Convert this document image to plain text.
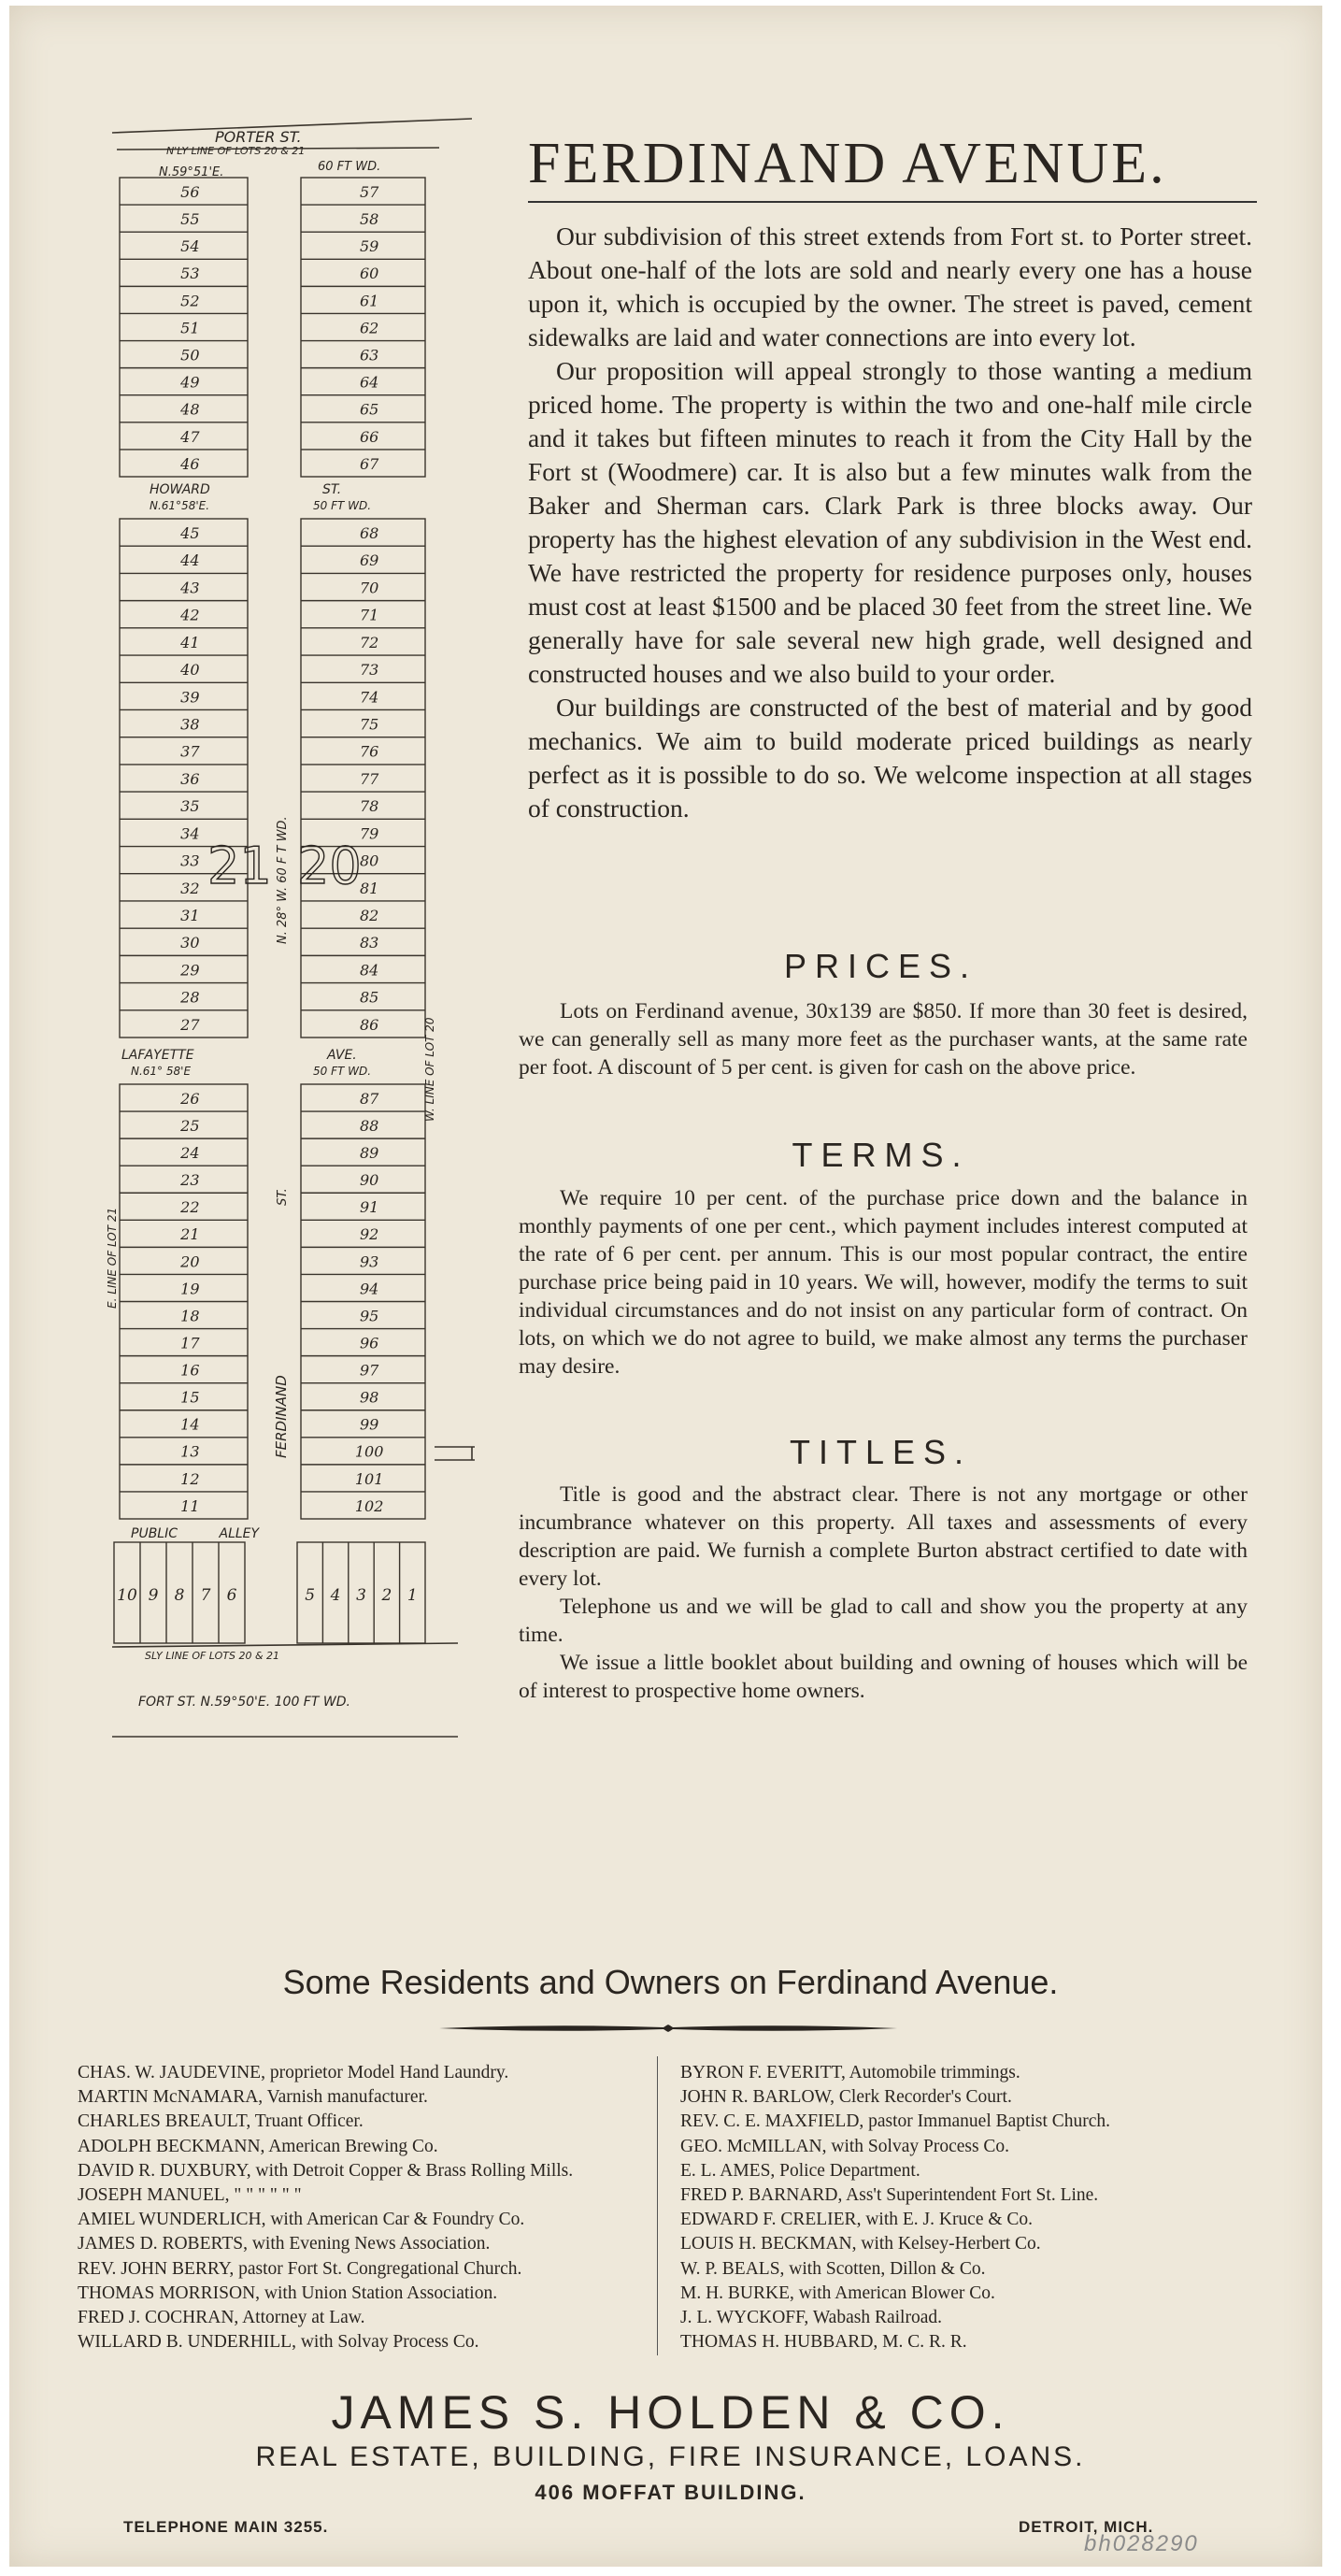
56
55
54
53
52
51
50
49
48
47
46
57
58
59
60
61
62
63
64
65
66
67
45
44
43
42
41
40
39
38
37
36
35
34
33
32
31
30
29
28
27
68
69
70
71
72
73
74
75
76
77
78
79
80
81
82
83
84
85
86
26
25
24
23
22
21
20
19
18
17
16
15
14
13
12
11
87
88
89
90
91
92
93
94
95
96
97
98
99
100
101
102
10 9 8 7 6	5 4 3 2 1
PORTER ST.
N'LY LINE OF LOTS 20 & 21
N.59°51'E.	60 FT WD.
HOWARD	ST.
N.61°58'E.	50 FT WD.
LAFAYETTE	AVE.
N.61° 58'E	50 FT WD.
FERDINAND
ST.
N. 28° W. 60 F T WD.
E. LINE OF LOT 21
W. LINE OF LOT 20
21 20
PUBLIC          ALLEY
SLY LINE OF LOTS 20 & 21
FORT ST. N.59°50'E. 100 FT WD.
FERDINAND AVENUE.

Our subdivision of this street extends from Fort st. to Porter street. About one-half of the lots are sold and nearly every one has a house upon it, which is occupied by the owner. The street is paved, cement sidewalks are laid and water connections are into every lot.

Our proposition will appeal strongly to those wanting a medium priced home. The property is within the two and one-half mile circle and it takes but fifteen minutes to reach it from the City Hall by the Fort st (Woodmere) car. It is also but a few minutes walk from the Baker and Sherman cars. Clark Park is three blocks away. Our property has the highest elevation of any subdivision in the West end. We have restricted the property for residence purposes only, houses must cost at least $1500 and be placed 30 feet from the street line. We generally have for sale several new high grade, well designed and constructed houses and we also build to your order.

Our buildings are constructed of the best of material and by good mechanics. We aim to build moderate priced buildings as nearly perfect as it is possible to do so. We welcome inspection at all stages of construction.

PRICES.

Lots on Ferdinand avenue, 30x139 are $850. If more than 30 feet is desired, we can generally sell as many more feet as the purchaser wants, at the same rate per foot. A discount of 5 per cent. is given for cash on the above price.

TERMS.

We require 10 per cent. of the purchase price down and the balance in monthly payments of one per cent., which payment includes interest computed at the rate of 6 per cent. per annum. This is our most popular contract, the entire purchase price being paid in 10 years. We will, however, modify the terms to suit individual circumstances and do not insist on any particular form of contract. On lots, on which we do not agree to build, we make almost any terms the purchaser may desire.

TITLES.

Title is good and the abstract clear. There is not any mortgage or other incumbrance whatever on this property. All taxes and assessments of every description are paid. We furnish a complete Burton abstract certified to date with every lot.

Telephone us and we will be glad to call and show you the property at any time.

We issue a little booklet about building and owning of houses which will be of interest to prospective home owners.

Some Residents and Owners on Ferdinand Avenue.
CHAS. W. JAUDEVINE, proprietor Model Hand Laundry.
MARTIN McNAMARA, Varnish manufacturer.
CHARLES BREAULT, Truant Officer.
ADOLPH BECKMANN, American Brewing Co.
DAVID R. DUXBURY, with Detroit Copper & Brass Rolling Mills.
JOSEPH MANUEL, " " " " " "
AMIEL WUNDERLICH, with American Car & Foundry Co.
JAMES D. ROBERTS, with Evening News Association.
REV. JOHN BERRY, pastor Fort St. Congregational Church.
THOMAS MORRISON, with Union Station Association.
FRED J. COCHRAN, Attorney at Law.
WILLARD B. UNDERHILL, with Solvay Process Co.
BYRON F. EVERITT, Automobile trimmings.
JOHN R. BARLOW, Clerk Recorder's Court.
REV. C. E. MAXFIELD, pastor Immanuel Baptist Church.
GEO. McMILLAN, with Solvay Process Co.
E. L. AMES, Police Department.
FRED P. BARNARD, Ass't Superintendent Fort St. Line.
EDWARD F. CRELIER, with E. J. Kruce & Co.
LOUIS H. BECKMAN, with Kelsey-Herbert Co.
W. P. BEALS, with Scotten, Dillon & Co.
M. H. BURKE, with American Blower Co.
J. L. WYCKOFF, Wabash Railroad.
THOMAS H. HUBBARD, M. C. R. R.
JAMES S. HOLDEN & CO.
REAL ESTATE, BUILDING, FIRE INSURANCE, LOANS.
406 MOFFAT BUILDING.
TELEPHONE MAIN 3255.	DETROIT, MICH.
bh028290
